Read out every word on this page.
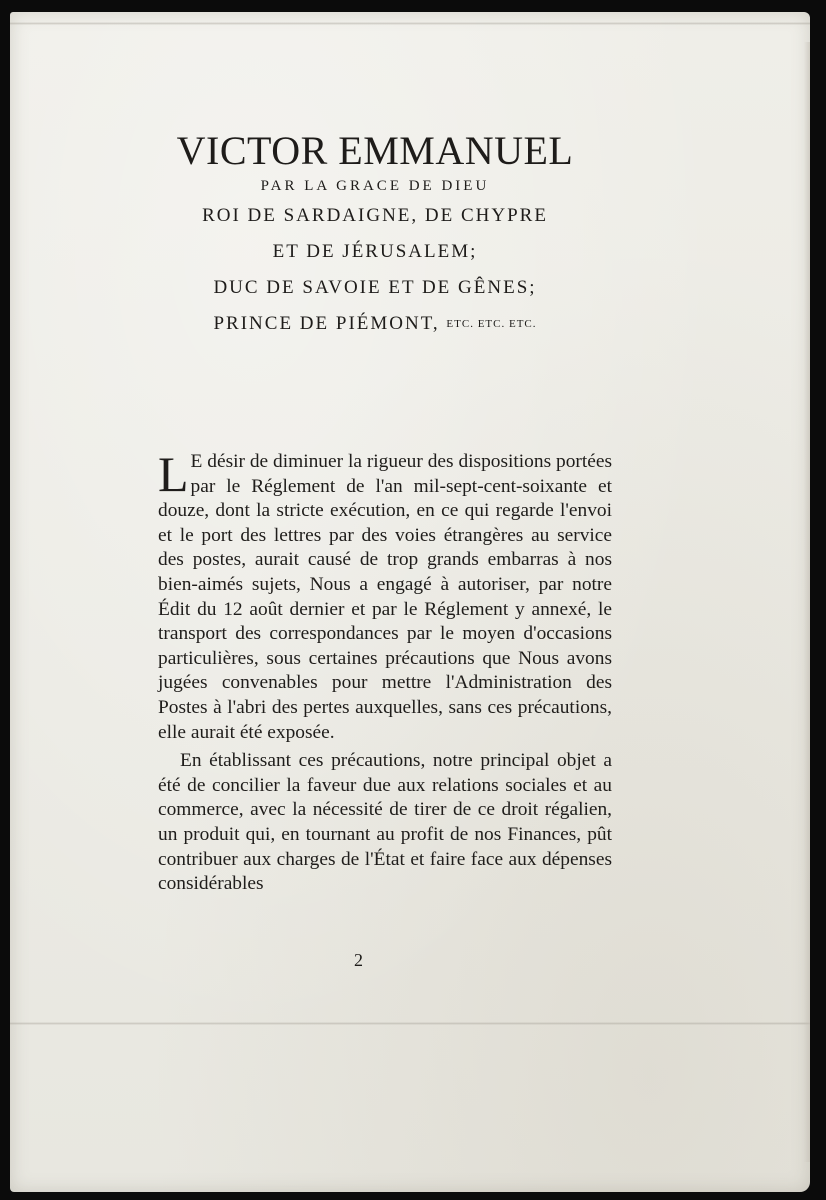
VICTOR EMMANUEL

PAR LA GRACE DE DIEU

ROI DE SARDAIGNE, DE CHYPRE

ET DE JÉRUSALEM;

DUC DE SAVOIE ET DE GÊNES;

PRINCE DE PIÉMONT, ETC. ETC. ETC.

L E désir de diminuer la rigueur des dispositions portées par le Réglement de l'an mil-sept-cent-soixante et douze, dont la stricte exécution, en ce qui regarde l'envoi et le port des lettres par des voies étrangères au service des postes, aurait causé de trop grands embarras à nos bien-aimés sujets, Nous a engagé à autoriser, par notre Édit du 12 août dernier et par le Réglement y annexé, le transport des correspondances par le moyen d'occasions particulières, sous certaines précautions que Nous avons jugées convenables pour mettre l'Administration des Postes à l'abri des pertes auxquelles, sans ces précautions, elle aurait été exposée.

En établissant ces précautions, notre principal objet a été de concilier la faveur due aux relations sociales et au commerce, avec la nécessité de tirer de ce droit régalien, un produit qui, en tournant au profit de nos Finances, pût contribuer aux charges de l'État et faire face aux dépenses considérables

2
